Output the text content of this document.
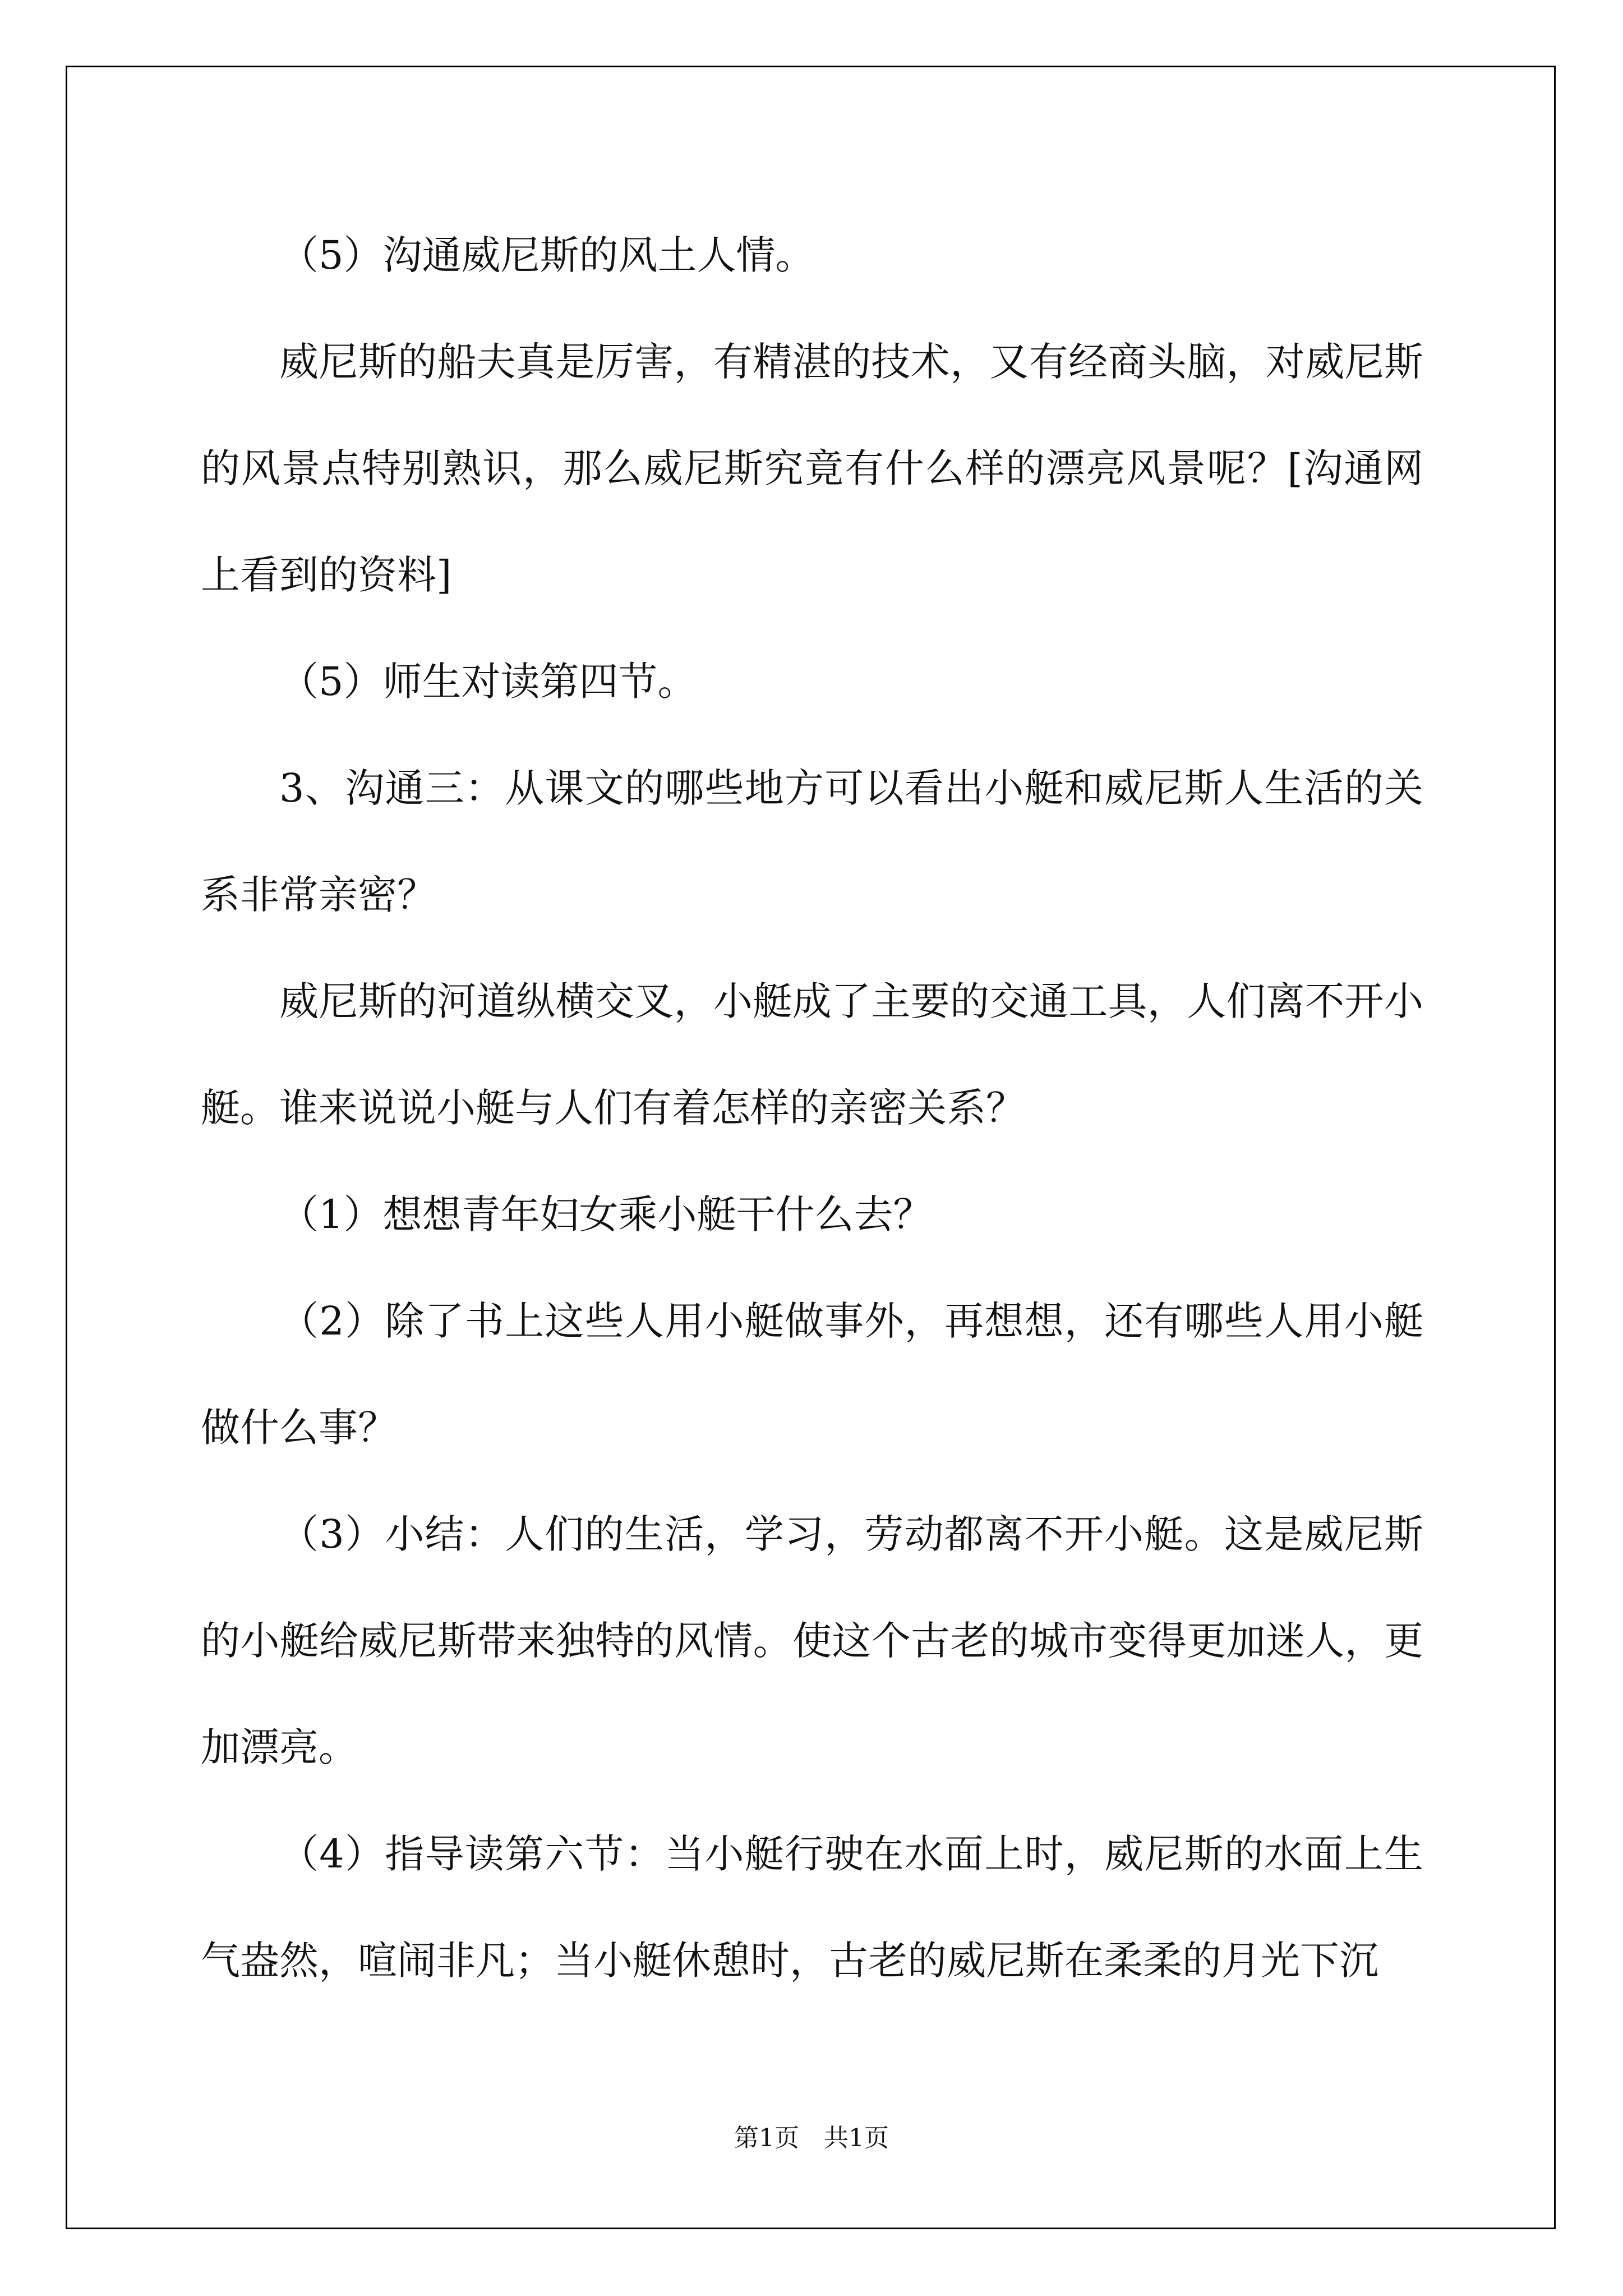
（5）沟通威尼斯的风土人情。

威尼斯的船夫真是厉害，有精湛的技术，又有经商头脑，对威尼斯的风景点特别熟识，那么威尼斯究竟有什么样的漂亮风景呢？[沟通网上看到的资料]

（5）师生对读第四节。

3、沟通三：从课文的哪些地方可以看出小艇和威尼斯人生活的关系非常亲密？

威尼斯的河道纵横交叉，小艇成了主要的交通工具，人们离不开小艇。谁来说说小艇与人们有着怎样的亲密关系？

（1）想想青年妇女乘小艇干什么去？

（2）除了书上这些人用小艇做事外，再想想，还有哪些人用小艇做什么事？

（3）小结：人们的生活，学习，劳动都离不开小艇。这是威尼斯的小艇给威尼斯带来独特的风情。使这个古老的城市变得更加迷人，更加漂亮。

（4）指导读第六节：当小艇行驶在水面上时，威尼斯的水面上生气盎然，喧闹非凡；当小艇休憩时，古老的威尼斯在柔柔的月光下沉

第1页　共1页
